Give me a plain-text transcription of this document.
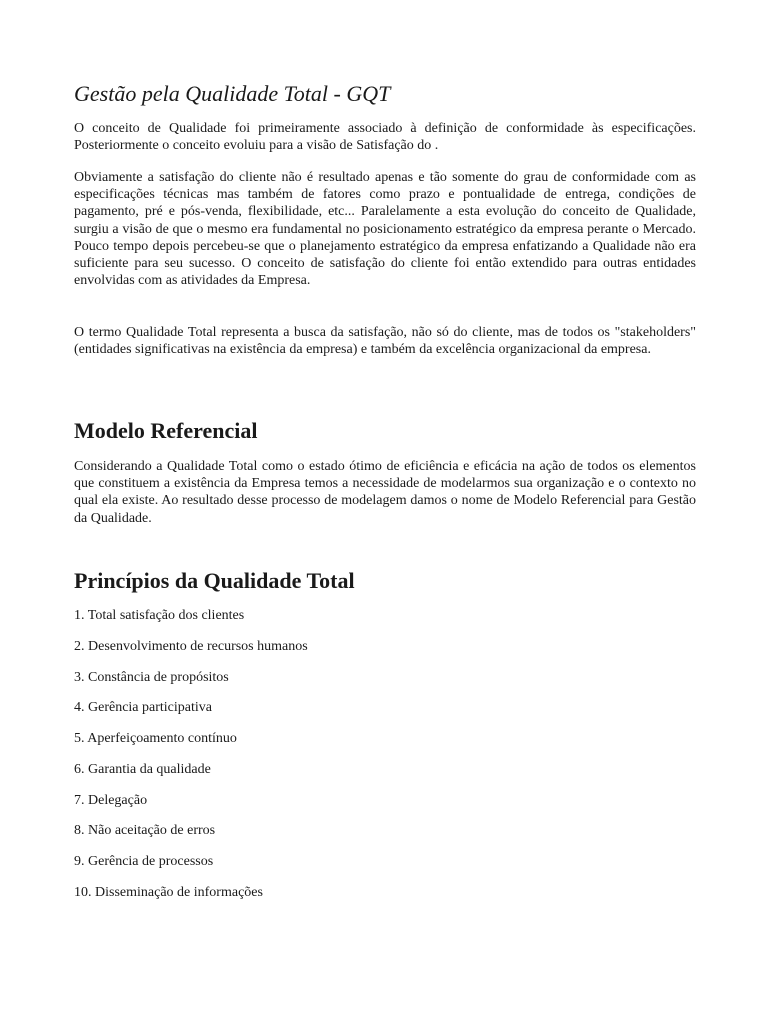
Gestão pela Qualidade Total - GQT

O conceito de Qualidade foi primeiramente associado à definição de conformidade às especificações. Posteriormente o conceito evoluiu para a visão de Satisfação do .

Obviamente a satisfação do cliente não é resultado apenas e tão somente do grau de conformidade com as especificações técnicas mas também de fatores como prazo e pontualidade de entrega, condições de pagamento, pré e pós-venda, flexibilidade, etc... Paralelamente a esta evolução do conceito de Qualidade, surgiu a visão de que o mesmo era fundamental no posicionamento estratégico da empresa perante o Mercado. Pouco tempo depois percebeu-se que o planejamento estratégico da empresa enfatizando a Qualidade não era suficiente para seu sucesso. O conceito de satisfação do cliente foi então extendido para outras entidades envolvidas com as atividades da Empresa.

O termo Qualidade Total representa a busca da satisfação, não só do cliente, mas de todos os "stakeholders" (entidades significativas na existência da empresa) e também da excelência organizacional da empresa.

Modelo Referencial

Considerando a Qualidade Total como o estado ótimo de eficiência e eficácia na ação de todos os elementos que constituem a existência da Empresa temos a necessidade de modelarmos sua organização e o contexto no qual ela existe. Ao resultado desse processo de modelagem damos o nome de Modelo Referencial para Gestão da Qualidade.

Princípios da Qualidade Total

1. Total satisfação dos clientes

2. Desenvolvimento de recursos humanos

3. Constância de propósitos

4. Gerência participativa

5. Aperfeiçoamento contínuo

6. Garantia da qualidade

7. Delegação

8. Não aceitação de erros

9. Gerência de processos

10. Disseminação de informações
